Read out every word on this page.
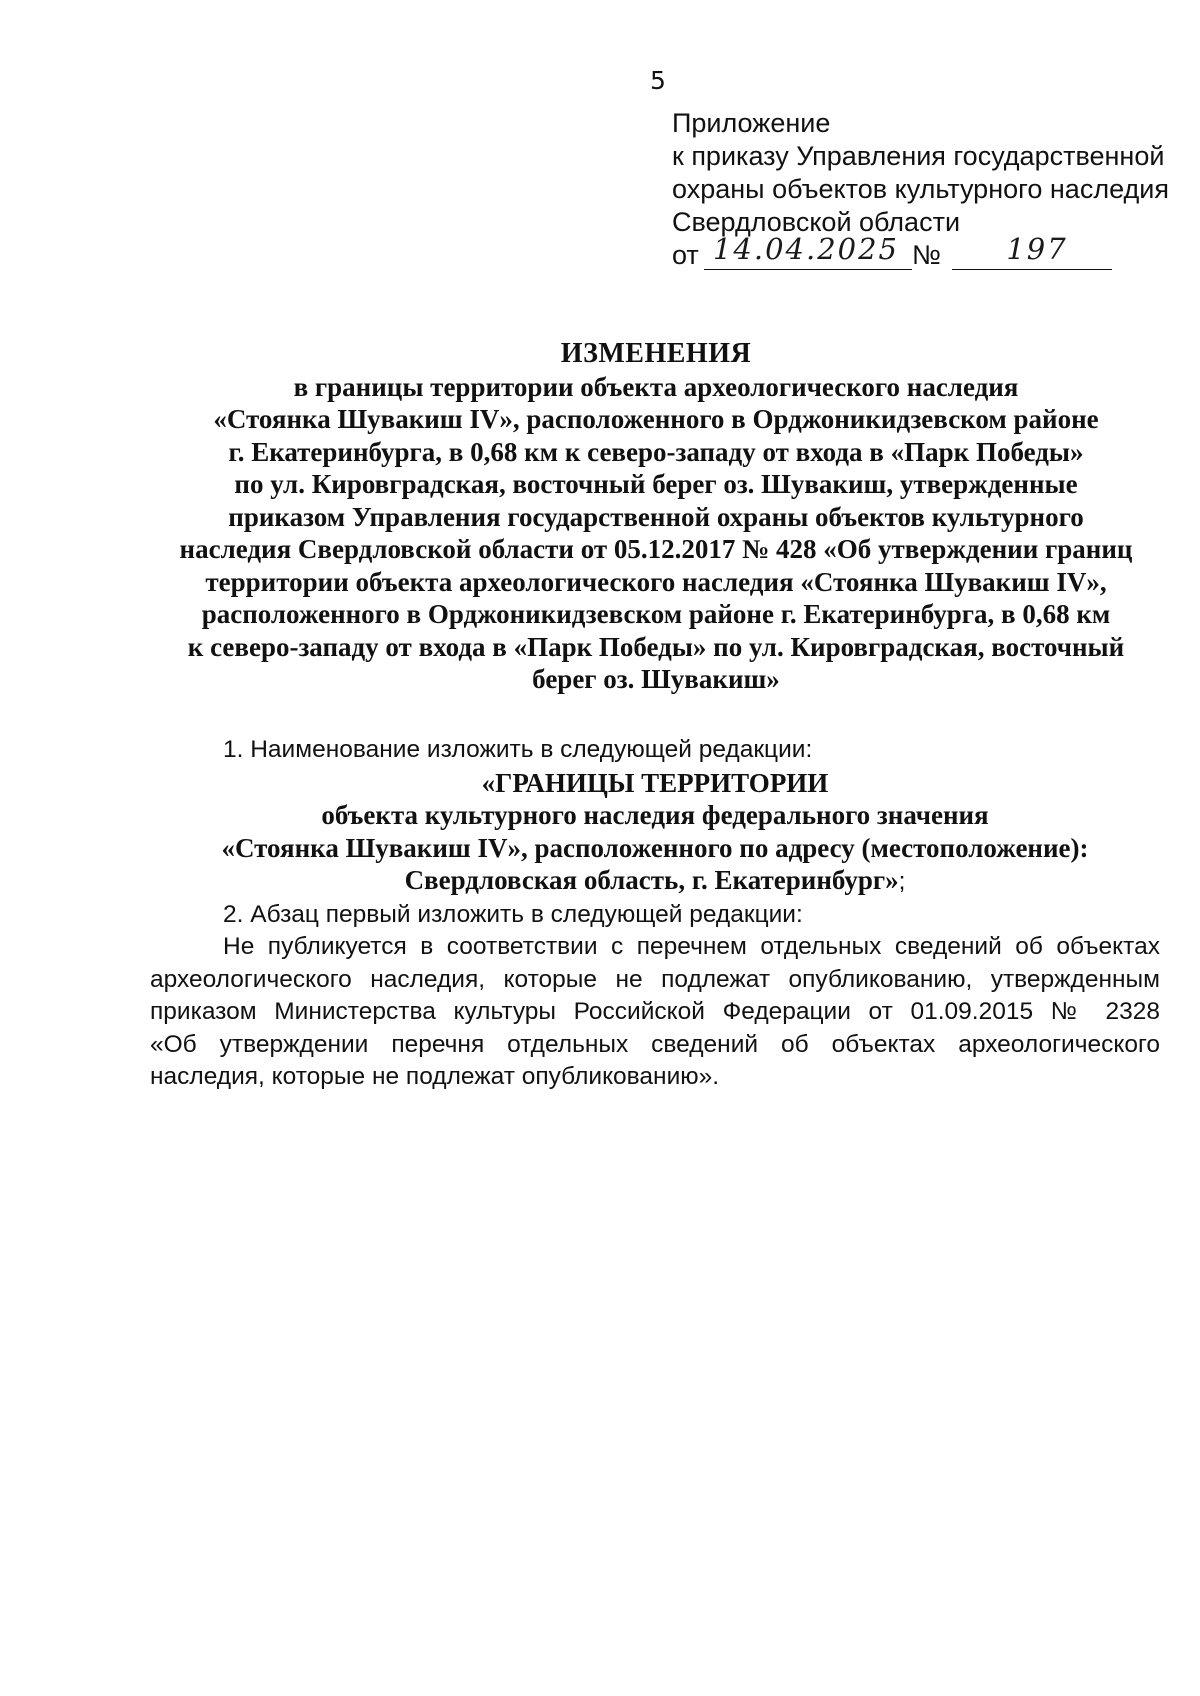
5
Приложение
к приказу Управления государственной
охраны объектов культурного наследия
Свердловской области
от 14.04.2025 №	197
ИЗМЕНЕНИЯ
в границы территории объекта археологического наследия
«Стоянка Шувакиш IV», расположенного в Орджоникидзевском районе
г. Екатеринбурга, в 0,68 км к северо-западу от входа в «Парк Победы»
по ул. Кировградская, восточный берег оз. Шувакиш, утвержденные
приказом Управления государственной охраны объектов культурного
наследия Свердловской области от 05.12.2017 № 428 «Об утверждении границ
территории объекта археологического наследия «Стоянка Шувакиш IV»,
расположенного в Орджоникидзевском районе г. Екатеринбурга, в 0,68 км
к северо-западу от входа в «Парк Победы» по ул. Кировградская, восточный
берег оз. Шувакиш»
1. Наименование изложить в следующей редакции:
«ГРАНИЦЫ ТЕРРИТОРИИ
объекта культурного наследия федерального значения
«Стоянка Шувакиш IV», расположенного по адресу (местоположение):
Свердловская область, г. Екатеринбург»;
2. Абзац первый изложить в следующей редакции:
Не публикуется в соответствии с перечнем отдельных сведений об объектах
археологического наследия, которые не подлежат опубликованию, утвержденным
приказом Министерства культуры Российской Федерации от 01.09.2015 № 2328
«Об утверждении перечня отдельных сведений об объектах археологического
наследия, которые не подлежат опубликованию».
